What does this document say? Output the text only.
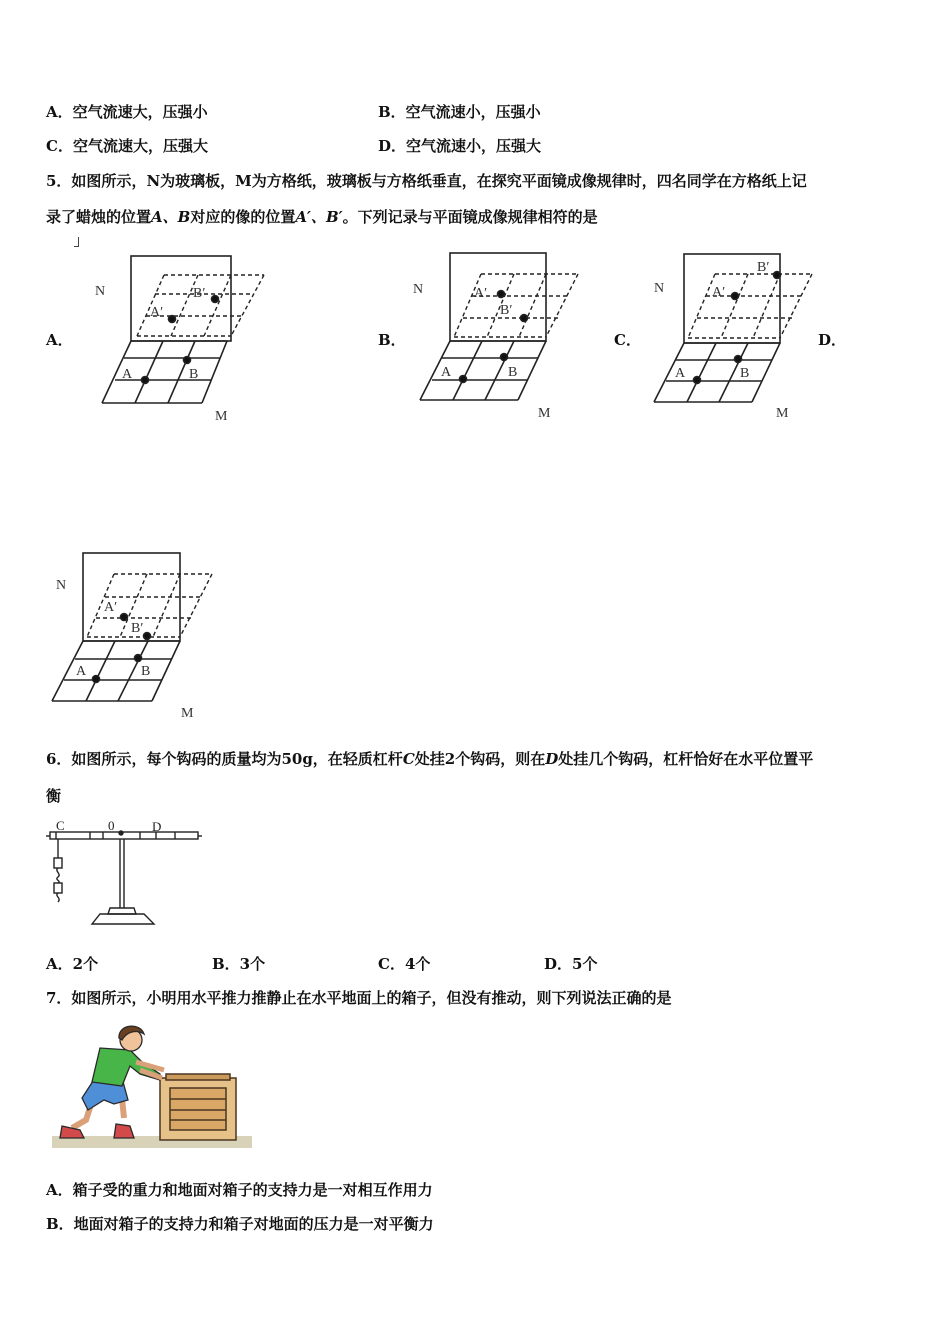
A．空气流速大，压强小	B．空气流速小，压强小
C．空气流速大，压强大	D．空气流速小，压强大
5．如图所示，N为玻璃板，M为方格纸，玻璃板与方格纸垂直，在探究平面镜成像规律时，四名同学在方格纸上记
录了蜡烛的位置A、B对应的像的位置A′、B′。下列记录与平面镜成像规律相符的是
A．	B．	C．	D．
N
M
A′
B′
A	B
N
M
A′
B′
A	B
N
M
A′
B′
A	B
N
M
A′
B′
A	B
6．如图所示，每个钩码的质量均为50g，在轻质杠杆C处挂2个钩码，则在D处挂几个钩码，杠杆恰好在水平位置平
衡
C	0	D
A．2个	B．3个	C．4个	D．5个
7．如图所示，小明用水平推力推静止在水平地面上的箱子，但没有推动，则下列说法正确的是
A．箱子受的重力和地面对箱子的支持力是一对相互作用力
B．地面对箱子的支持力和箱子对地面的压力是一对平衡力
